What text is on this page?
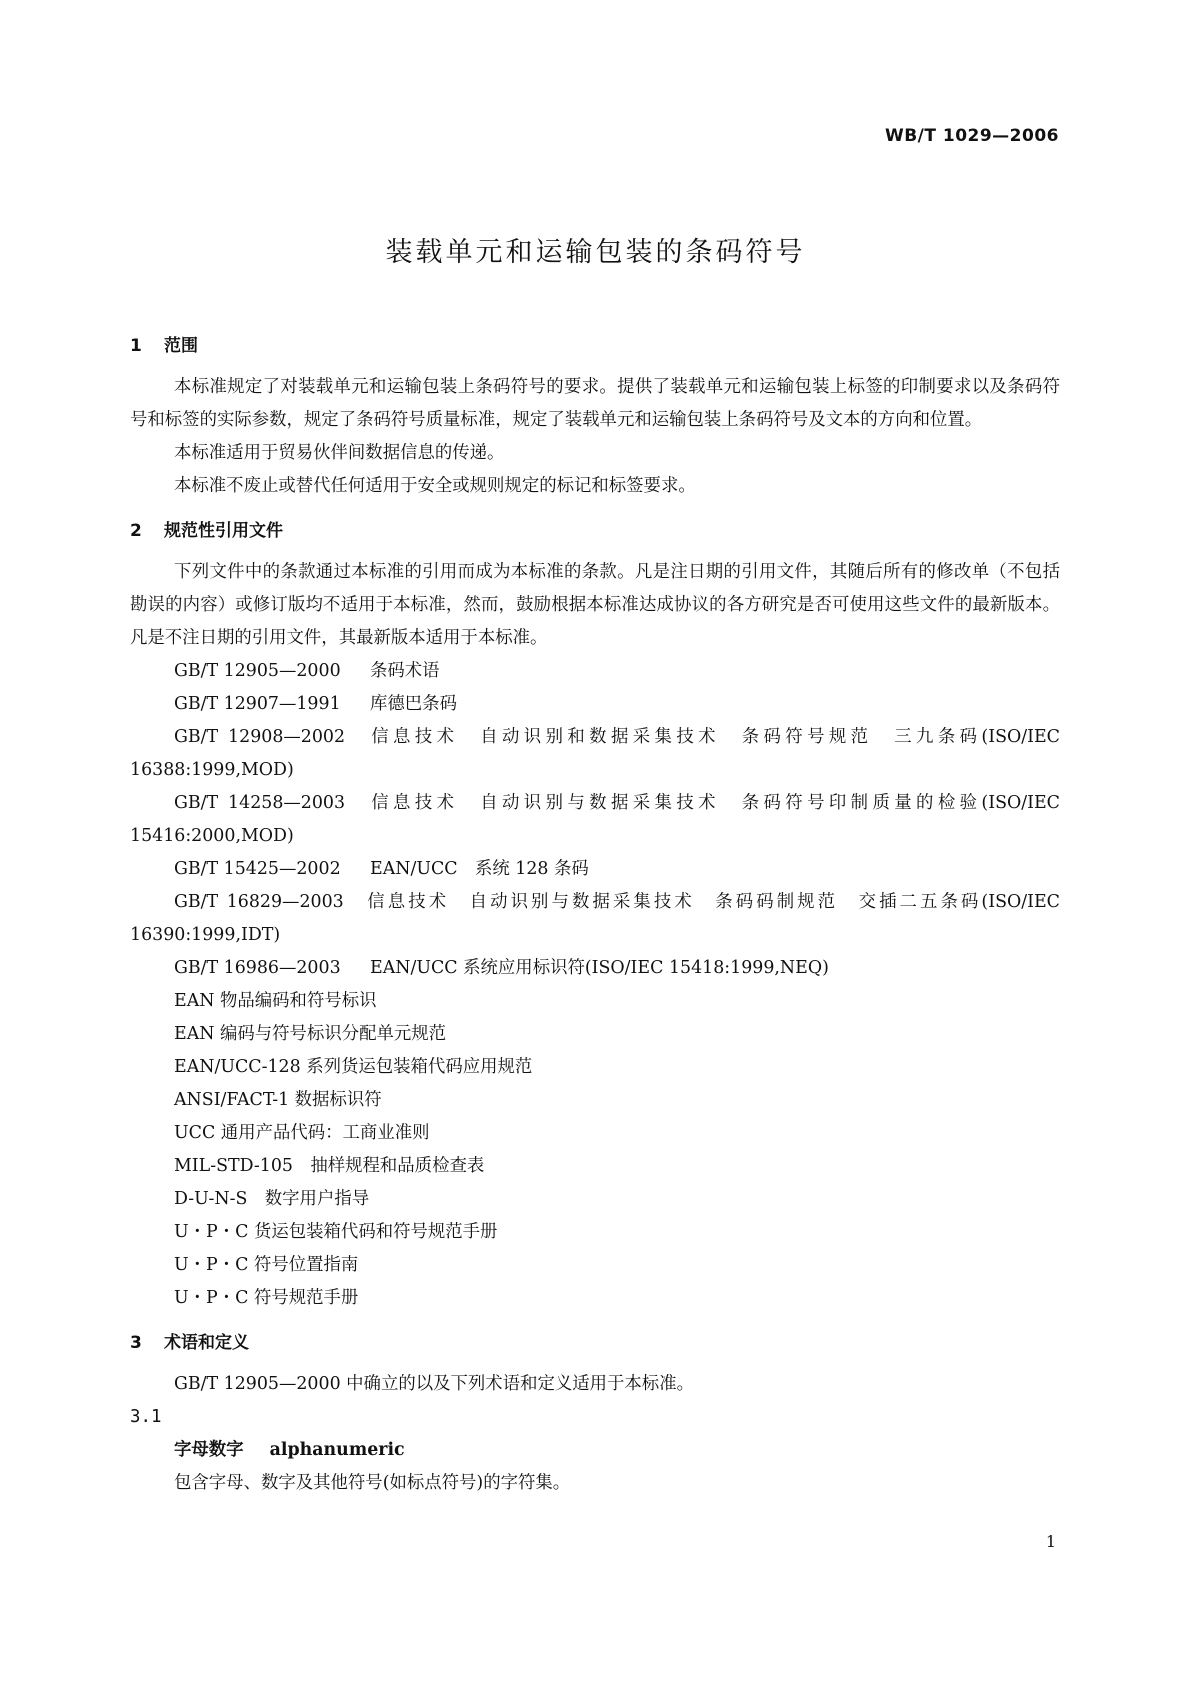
WB/T 1029—2006
装载单元和运输包装的条码符号
1 范围

本标准规定了对装载单元和运输包装上条码符号的要求。提供了装载单元和运输包装上标签的印制要求以及条码符号和标签的实际参数，规定了条码符号质量标准，规定了装载单元和运输包装上条码符号及文本的方向和位置。

本标准适用于贸易伙伴间数据信息的传递。

本标准不废止或替代任何适用于安全或规则规定的标记和标签要求。

2 规范性引用文件

下列文件中的条款通过本标准的引用而成为本标准的条款。凡是注日期的引用文件，其随后所有的修改单（不包括勘误的内容）或修订版均不适用于本标准，然而，鼓励根据本标准达成协议的各方研究是否可使用这些文件的最新版本。凡是不注日期的引用文件，其最新版本适用于本标准。

GB/T 12905—2000 条码术语

GB/T 12907—1991 库德巴条码

GB/T 12908—2002　 信息技术　自动识别和数据采集技术　条码符号规范　三九条码(ISO/IEC 16388:1999,MOD)

GB/T 14258—2003　 信息技术　自动识别与数据采集技术　条码符号印制质量的检验(ISO/IEC 15416:2000,MOD)

GB/T 15425—2002 EAN/UCC　系统 128 条码

GB/T 16829—2003　 信息技术　自动识别与数据采集技术　条码码制规范　交插二五条码(ISO/IEC 16390:1999,IDT)

GB/T 16986—2003 EAN/UCC 系统应用标识符(ISO/IEC 15418:1999,NEQ)

EAN 物品编码和符号标识

EAN 编码与符号标识分配单元规范

EAN/UCC-128 系列货运包装箱代码应用规范

ANSI/FACT-1 数据标识符

UCC 通用产品代码：工商业准则

MIL-STD-105　抽样规程和品质检查表

D-U-N-S　数字用户指导

U・P・C 货运包装箱代码和符号规范手册

U・P・C 符号位置指南

U・P・C 符号规范手册

3 术语和定义

GB/T 12905—2000 中确立的以及下列术语和定义适用于本标准。

3.1
字母数字 alphanumeric
包含字母、数字及其他符号(如标点符号)的字符集。
1
